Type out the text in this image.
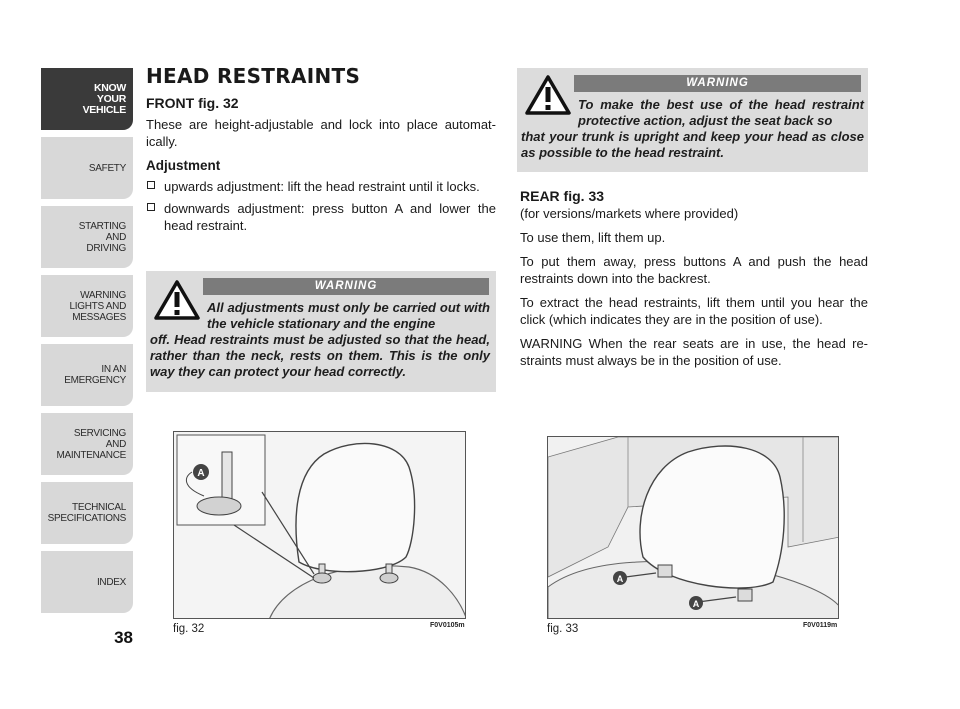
KNOW
YOUR
VEHICLE
SAFETY
STARTING
AND
DRIVING
WARNING
LIGHTS AND
MESSAGES
IN AN
EMERGENCY
SERVICING
AND
MAINTENANCE
TECHNICAL
SPECIFICATIONS
INDEX
38
HEAD RESTRAINTS
FRONT fig. 32

These are height-adjustable and lock into place automat-ically.

Adjustment
upwards adjustment: lift the head restraint until it locks.
downwards adjustment: press button A and lower the head restraint.
WARNING
All adjustments must only be carried out with the vehicle stationary and the engine
off. Head restraints must be adjusted so that the head, rather than the neck, rests on them. This is the only way they can protect your head correctly.
WARNING
To make the best use of the head restraint protective action, adjust the seat back so
that your trunk is upright and keep your head as close as possible to the head restraint.
REAR fig. 33

(for versions/markets where provided)

To use them, lift them up.

To put them away, press buttons A and push the head restraints down into the backrest.

To extract the head restraints, lift them until you hear the click (which indicates they are in the position of use).

WARNING When the rear seats are in use, the head re-straints must always be in the position of use.

A
fig. 32	F0V0105m
A
A
fig. 33	F0V0119m
